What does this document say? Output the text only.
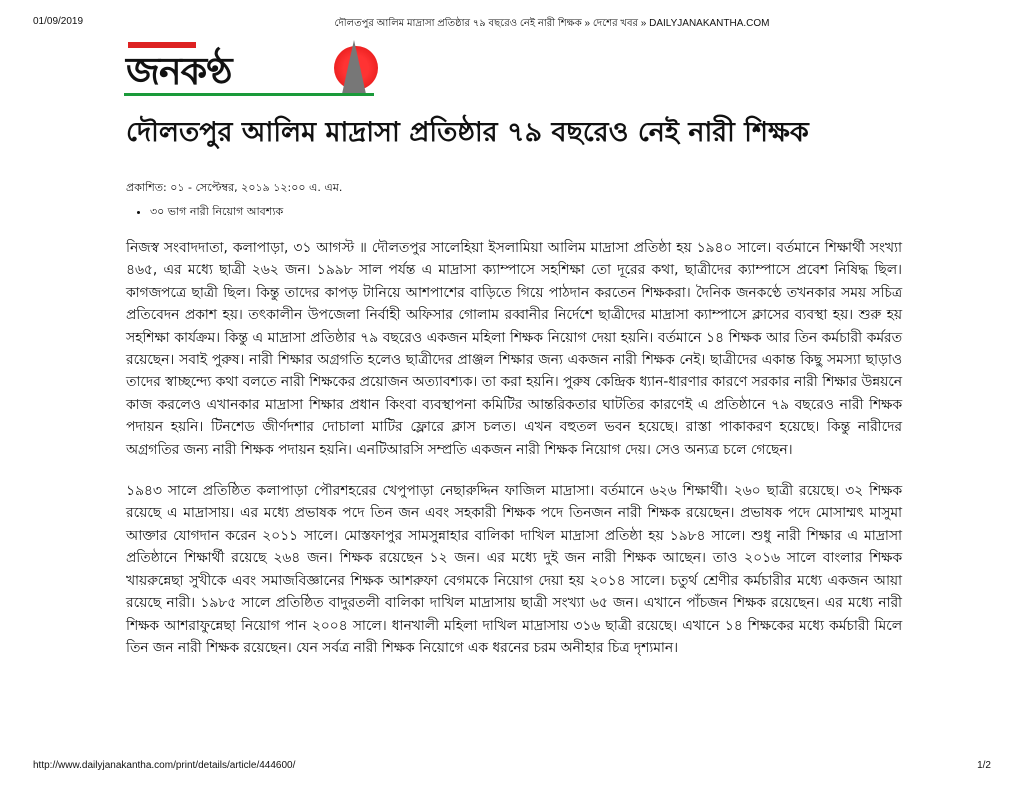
01/09/2019	দৌলতপুর আলিম মাদ্রাসা প্রতিষ্ঠার ৭৯ বছরেও নেই নারী শিক্ষক » দেশের খবর » DAILYJANAKANTHA.COM
জনকণ্ঠ
দৌলতপুর আলিম মাদ্রাসা প্রতিষ্ঠার ৭৯ বছরেও নেই নারী শিক্ষক
প্রকাশিত: ০১ - সেপ্টেম্বর, ২০১৯ ১২:০০ এ. এম.
• ৩০ ভাগ নারী নিয়োগ আবশ্যক

নিজস্ব সংবাদদাতা, কলাপাড়া, ৩১ আগস্ট ॥ দৌলতপুর সালেহিয়া ইসলামিয়া আলিম মাদ্রাসা প্রতিষ্ঠা হয় ১৯৪০ সালে। বর্তমানে শিক্ষার্থী সংখ্যা ৪৬৫, এর মধ্যে ছাত্রী ২৬২ জন। ১৯৯৮ সাল পর্যন্ত এ মাদ্রাসা ক্যাম্পাসে সহশিক্ষা তো দূরের কথা, ছাত্রীদের ক্যাম্পাসে প্রবেশ নিষিদ্ধ ছিল। কাগজপত্রে ছাত্রী ছিল। কিন্তু তাদের কাপড় টানিয়ে আশপাশের বাড়িতে গিয়ে পাঠদান করতেন শিক্ষকরা। দৈনিক জনকণ্ঠে তখনকার সময় সচিত্র প্রতিবেদন প্রকাশ হয়। তৎকালীন উপজেলা নির্বাহী অফিসার গোলাম রব্বানীর নির্দেশে ছাত্রীদের মাদ্রাসা ক্যাম্পাসে ক্লাসের ব্যবস্থা হয়। শুরু হয় সহশিক্ষা কার্যক্রম। কিন্তু এ মাদ্রাসা প্রতিষ্ঠার ৭৯ বছরেও একজন মহিলা শিক্ষক নিয়োগ দেয়া হয়নি। বর্তমানে ১৪ শিক্ষক আর তিন কর্মচারী কর্মরত রয়েছেন। সবাই পুরুষ। নারী শিক্ষার অগ্রগতি হলেও ছাত্রীদের প্রাঞ্জল শিক্ষার জন্য একজন নারী শিক্ষক নেই। ছাত্রীদের একান্ত কিছু সমস্যা ছাড়াও তাদের স্বাচ্ছন্দ্যে কথা বলতে নারী শিক্ষকের প্রয়োজন অত্যাবশ্যক। তা করা হয়নি। পুরুষ কেন্দ্রিক ধ্যান-ধারণার কারণে সরকার নারী শিক্ষার উন্নয়নে কাজ করলেও এখানকার মাদ্রাসা শিক্ষার প্রধান কিংবা ব্যবস্থাপনা কমিটির আন্তরিকতার ঘাটতির কারণেই এ প্রতিষ্ঠানে ৭৯ বছরেও নারী শিক্ষক পদায়ন হয়নি। টিনশেড জীর্ণদশার দোচালা মাটির ফ্লোরে ক্লাস চলত। এখন বহুতল ভবন হয়েছে। রাস্তা পাকাকরণ হয়েছে। কিন্তু নারীদের অগ্রগতির জন্য নারী শিক্ষক পদায়ন হয়নি। এনটিআরসি সম্প্রতি একজন নারী শিক্ষক নিয়োগ দেয়। সেও অন্যত্র চলে গেছেন।

১৯৪৩ সালে প্রতিষ্ঠিত কলাপাড়া পৌরশহরের খেপুপাড়া নেছারুদ্দিন ফাজিল মাদ্রাসা। বর্তমানে ৬২৬ শিক্ষার্থী। ২৬০ ছাত্রী রয়েছে। ৩২ শিক্ষক রয়েছে এ মাদ্রাসায়। এর মধ্যে প্রভাষক পদে তিন জন এবং সহকারী শিক্ষক পদে তিনজন নারী শিক্ষক রয়েছেন। প্রভাষক পদে মোসাম্মৎ মাসুমা আক্তার যোগদান করেন ২০১১ সালে। মোস্তফাপুর সামসুন্নাহার বালিকা দাখিল মাদ্রাসা প্রতিষ্ঠা হয় ১৯৮৪ সালে। শুধু নারী শিক্ষার এ মাদ্রাসা প্রতিষ্ঠানে শিক্ষার্থী রয়েছে ২৬৪ জন। শিক্ষক রয়েছেন ১২ জন। এর মধ্যে দুই জন নারী শিক্ষক আছেন। তাও ২০১৬ সালে বাংলার শিক্ষক খায়রুন্নেছা সুখীকে এবং সমাজবিজ্ঞানের শিক্ষক আশরুফা বেগমকে নিয়োগ দেয়া হয় ২০১৪ সালে। চতুর্থ শ্রেণীর কর্মচারীর মধ্যে একজন আয়া রয়েছে নারী। ১৯৮৫ সালে প্রতিষ্ঠিত বাদুরতলী বালিকা দাখিল মাদ্রাসায় ছাত্রী সংখ্যা ৬৫ জন। এখানে পাঁচজন শিক্ষক রয়েছেন। এর মধ্যে নারী শিক্ষক আশরাফুন্নেছা নিয়োগ পান ২০০৪ সালে। ধানখালী মহিলা দাখিল মাদ্রাসায় ৩১৬ ছাত্রী রয়েছে। এখানে ১৪ শিক্ষকের মধ্যে কর্মচারী মিলে তিন জন নারী শিক্ষক রয়েছেন। যেন সর্বত্র নারী শিক্ষক নিয়োগে এক ধরনের চরম অনীহার চিত্র দৃশ্যমান।

http://www.dailyjanakantha.com/print/details/article/444600/	1/2
